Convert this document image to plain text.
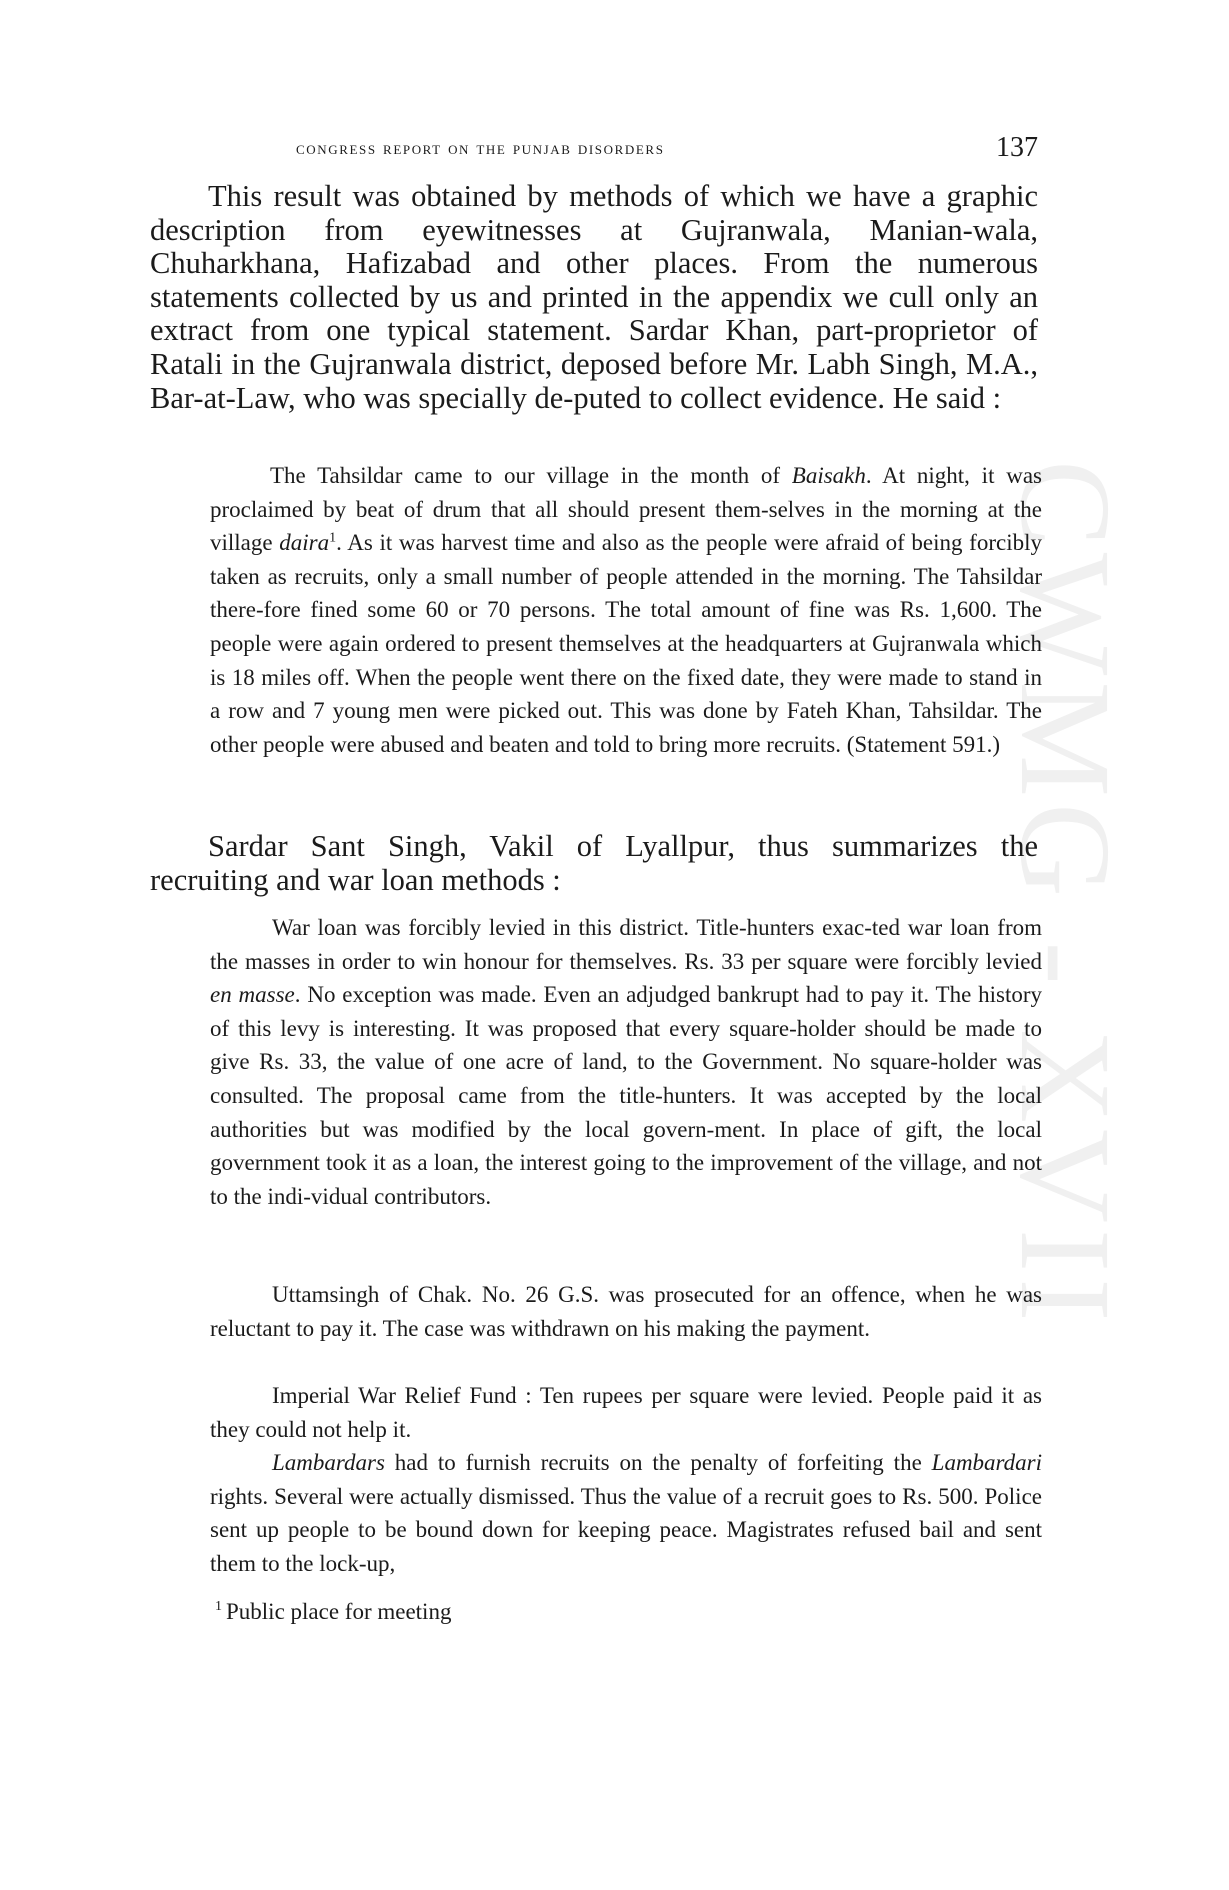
CWMG - XVII
congress report on the punjab disorders	137

This result was obtained by methods of which we have a graphic description from eyewitnesses at Gujranwala, Manian-wala, Chuharkhana, Hafizabad and other places. From the numerous statements collected by us and printed in the appendix we cull only an extract from one typical statement. Sardar Khan, part-proprietor of Ratali in the Gujranwala district, deposed before Mr. Labh Singh, M.A., Bar-at-Law, who was specially de-puted to collect evidence. He said :

The Tahsildar came to our village in the month of Baisakh. At night, it was proclaimed by beat of drum that all should present them-selves in the morning at the village daira$^1$. As it was harvest time and also as the people were afraid of being forcibly taken as recruits, only a small number of people attended in the morning. The Tahsildar there-fore fined some 60 or 70 persons. The total amount of fine was Rs. 1,600. The people were again ordered to present themselves at the headquarters at Gujranwala which is 18 miles off. When the people went there on the fixed date, they were made to stand in a row and 7 young men were picked out. This was done by Fateh Khan, Tahsildar. The other people were abused and beaten and told to bring more recruits. (Statement 591.)

Sardar Sant Singh, Vakil of Lyallpur, thus summarizes the recruiting and war loan methods :

War loan was forcibly levied in this district. Title-hunters exac-ted war loan from the masses in order to win honour for themselves. Rs. 33 per square were forcibly levied en masse. No exception was made. Even an adjudged bankrupt had to pay it. The history of this levy is interesting. It was proposed that every square-holder should be made to give Rs. 33, the value of one acre of land, to the Government. No square-holder was consulted. The proposal came from the title-hunters. It was accepted by the local authorities but was modified by the local govern-ment. In place of gift, the local government took it as a loan, the interest going to the improvement of the village, and not to the indi-vidual contributors.

Uttamsingh of Chak. No. 26 G.S. was prosecuted for an offence, when he was reluctant to pay it. The case was withdrawn on his making the payment.

Imperial War Relief Fund : Ten rupees per square were levied. People paid it as they could not help it.

Lambardars had to furnish recruits on the penalty of forfeiting the Lambardari rights. Several were actually dismissed. Thus the value of a recruit goes to Rs. 500. Police sent up people to be bound down for keeping peace. Magistrates refused bail and sent them to the lock-up,

$^1$ Public place for meeting
